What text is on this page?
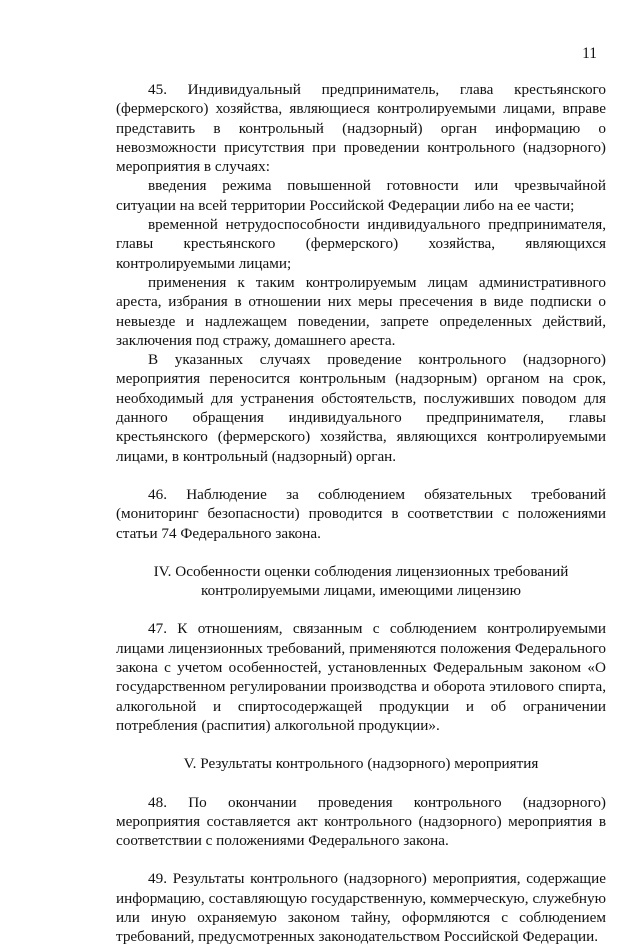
11

45. Индивидуальный предприниматель, глава крестьянского (фермерского) хозяйства, являющиеся контролируемыми лицами, вправе представить в контрольный (надзорный) орган информацию о невозможности присутствия при проведении контрольного (надзорного) мероприятия в случаях:

введения режима повышенной готовности или чрезвычайной ситуации на всей территории Российской Федерации либо на ее части;

временной нетрудоспособности индивидуального предпринимателя, главы крестьянского (фермерского) хозяйства, являющихся контролируемыми лицами;

применения к таким контролируемым лицам административного ареста, избрания в отношении них меры пресечения в виде подписки о невыезде и надлежащем поведении, запрете определенных действий, заключения под стражу, домашнего ареста.

В указанных случаях проведение контрольного (надзорного) мероприятия переносится контрольным (надзорным) органом на срок, необходимый для устранения обстоятельств, послуживших поводом для данного обращения индивидуального предпринимателя, главы крестьянского (фермерского) хозяйства, являющихся контролируемыми лицами, в контрольный (надзорный) орган.

46. Наблюдение за соблюдением обязательных требований (мониторинг безопасности) проводится в соответствии с положениями статьи 74 Федерального закона.

IV. Особенности оценки соблюдения лицензионных требований
контролируемыми лицами, имеющими лицензию

47. К отношениям, связанным с соблюдением контролируемыми лицами лицензионных требований, применяются положения Федерального закона с учетом особенностей, установленных Федеральным законом «О государственном регулировании производства и оборота этилового спирта, алкогольной и спиртосодержащей продукции и об ограничении потребления (распития) алкогольной продукции».

V. Результаты контрольного (надзорного) мероприятия

48. По окончании проведения контрольного (надзорного) мероприятия составляется акт контрольного (надзорного) мероприятия в соответствии с положениями Федерального закона.

49. Результаты контрольного (надзорного) мероприятия, содержащие информацию, составляющую государственную, коммерческую, служебную или иную охраняемую законом тайну, оформляются с соблюдением требований, предусмотренных законодательством Российской Федерации.
